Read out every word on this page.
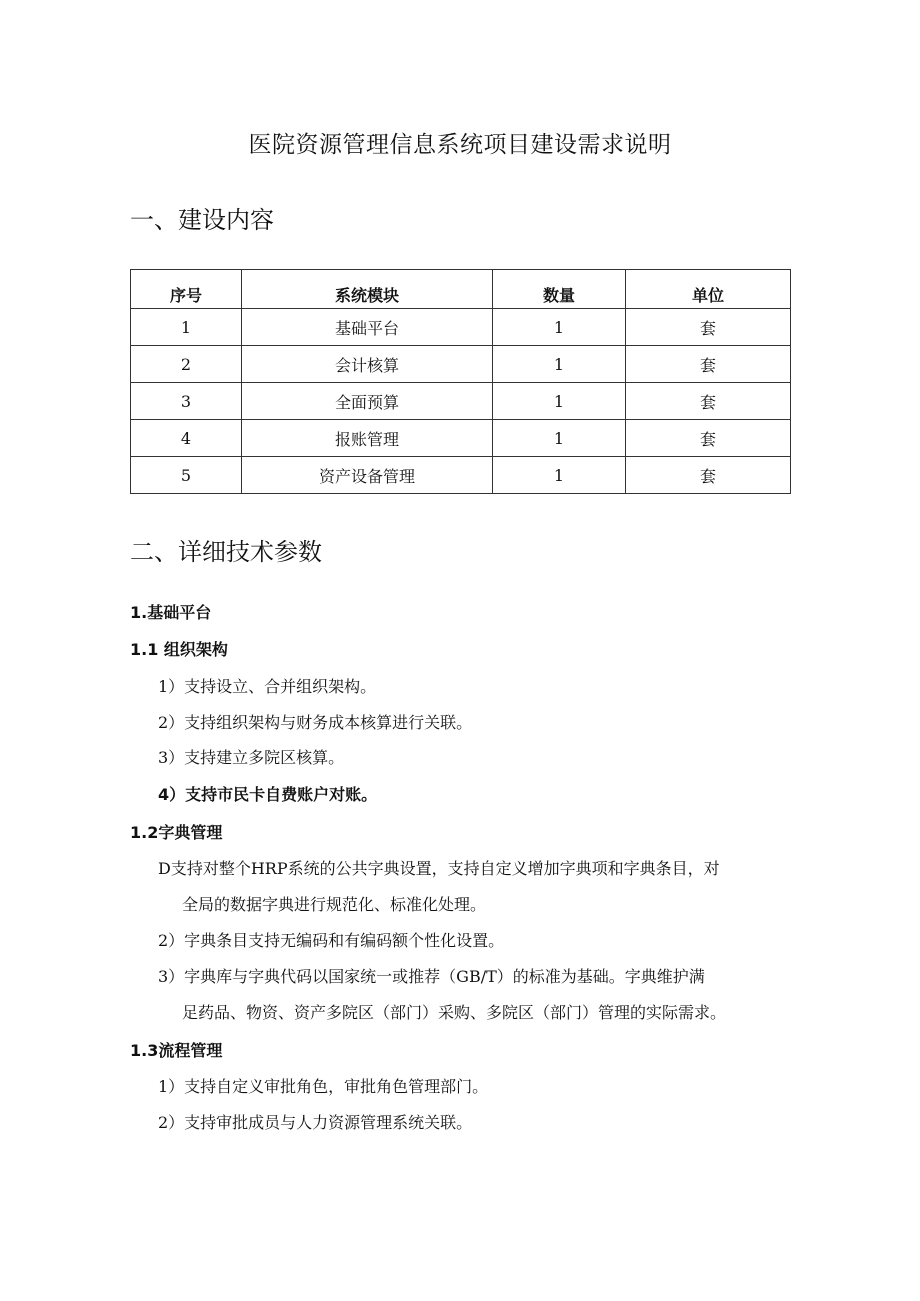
医院资源管理信息系统项目建设需求说明
一、建设内容
序号	系统模块	数量	单位
1	基础平台	1	套
2	会计核算	1	套
3	全面预算	1	套
4	报账管理	1	套
5	资产设备管理	1	套
二、详细技术参数
1.基础平台
1.1 组织架构

1）支持设立、合并组织架构。

2）支持组织架构与财务成本核算进行关联。

3）支持建立多院区核算。

4）支持市民卡自费账户对账。

1.2字典管理

D支持对整个HRP系统的公共字典设置，支持自定义增加字典项和字典条目，对

全局的数据字典进行规范化、标准化处理。

2）字典条目支持无编码和有编码额个性化设置。

3）字典库与字典代码以国家统一或推荐（GB/T）的标准为基础。字典维护满

足药品、物资、资产多院区（部门）采购、多院区（部门）管理的实际需求。

1.3流程管理

1）支持自定义审批角色，审批角色管理部门。

2）支持审批成员与人力资源管理系统关联。
